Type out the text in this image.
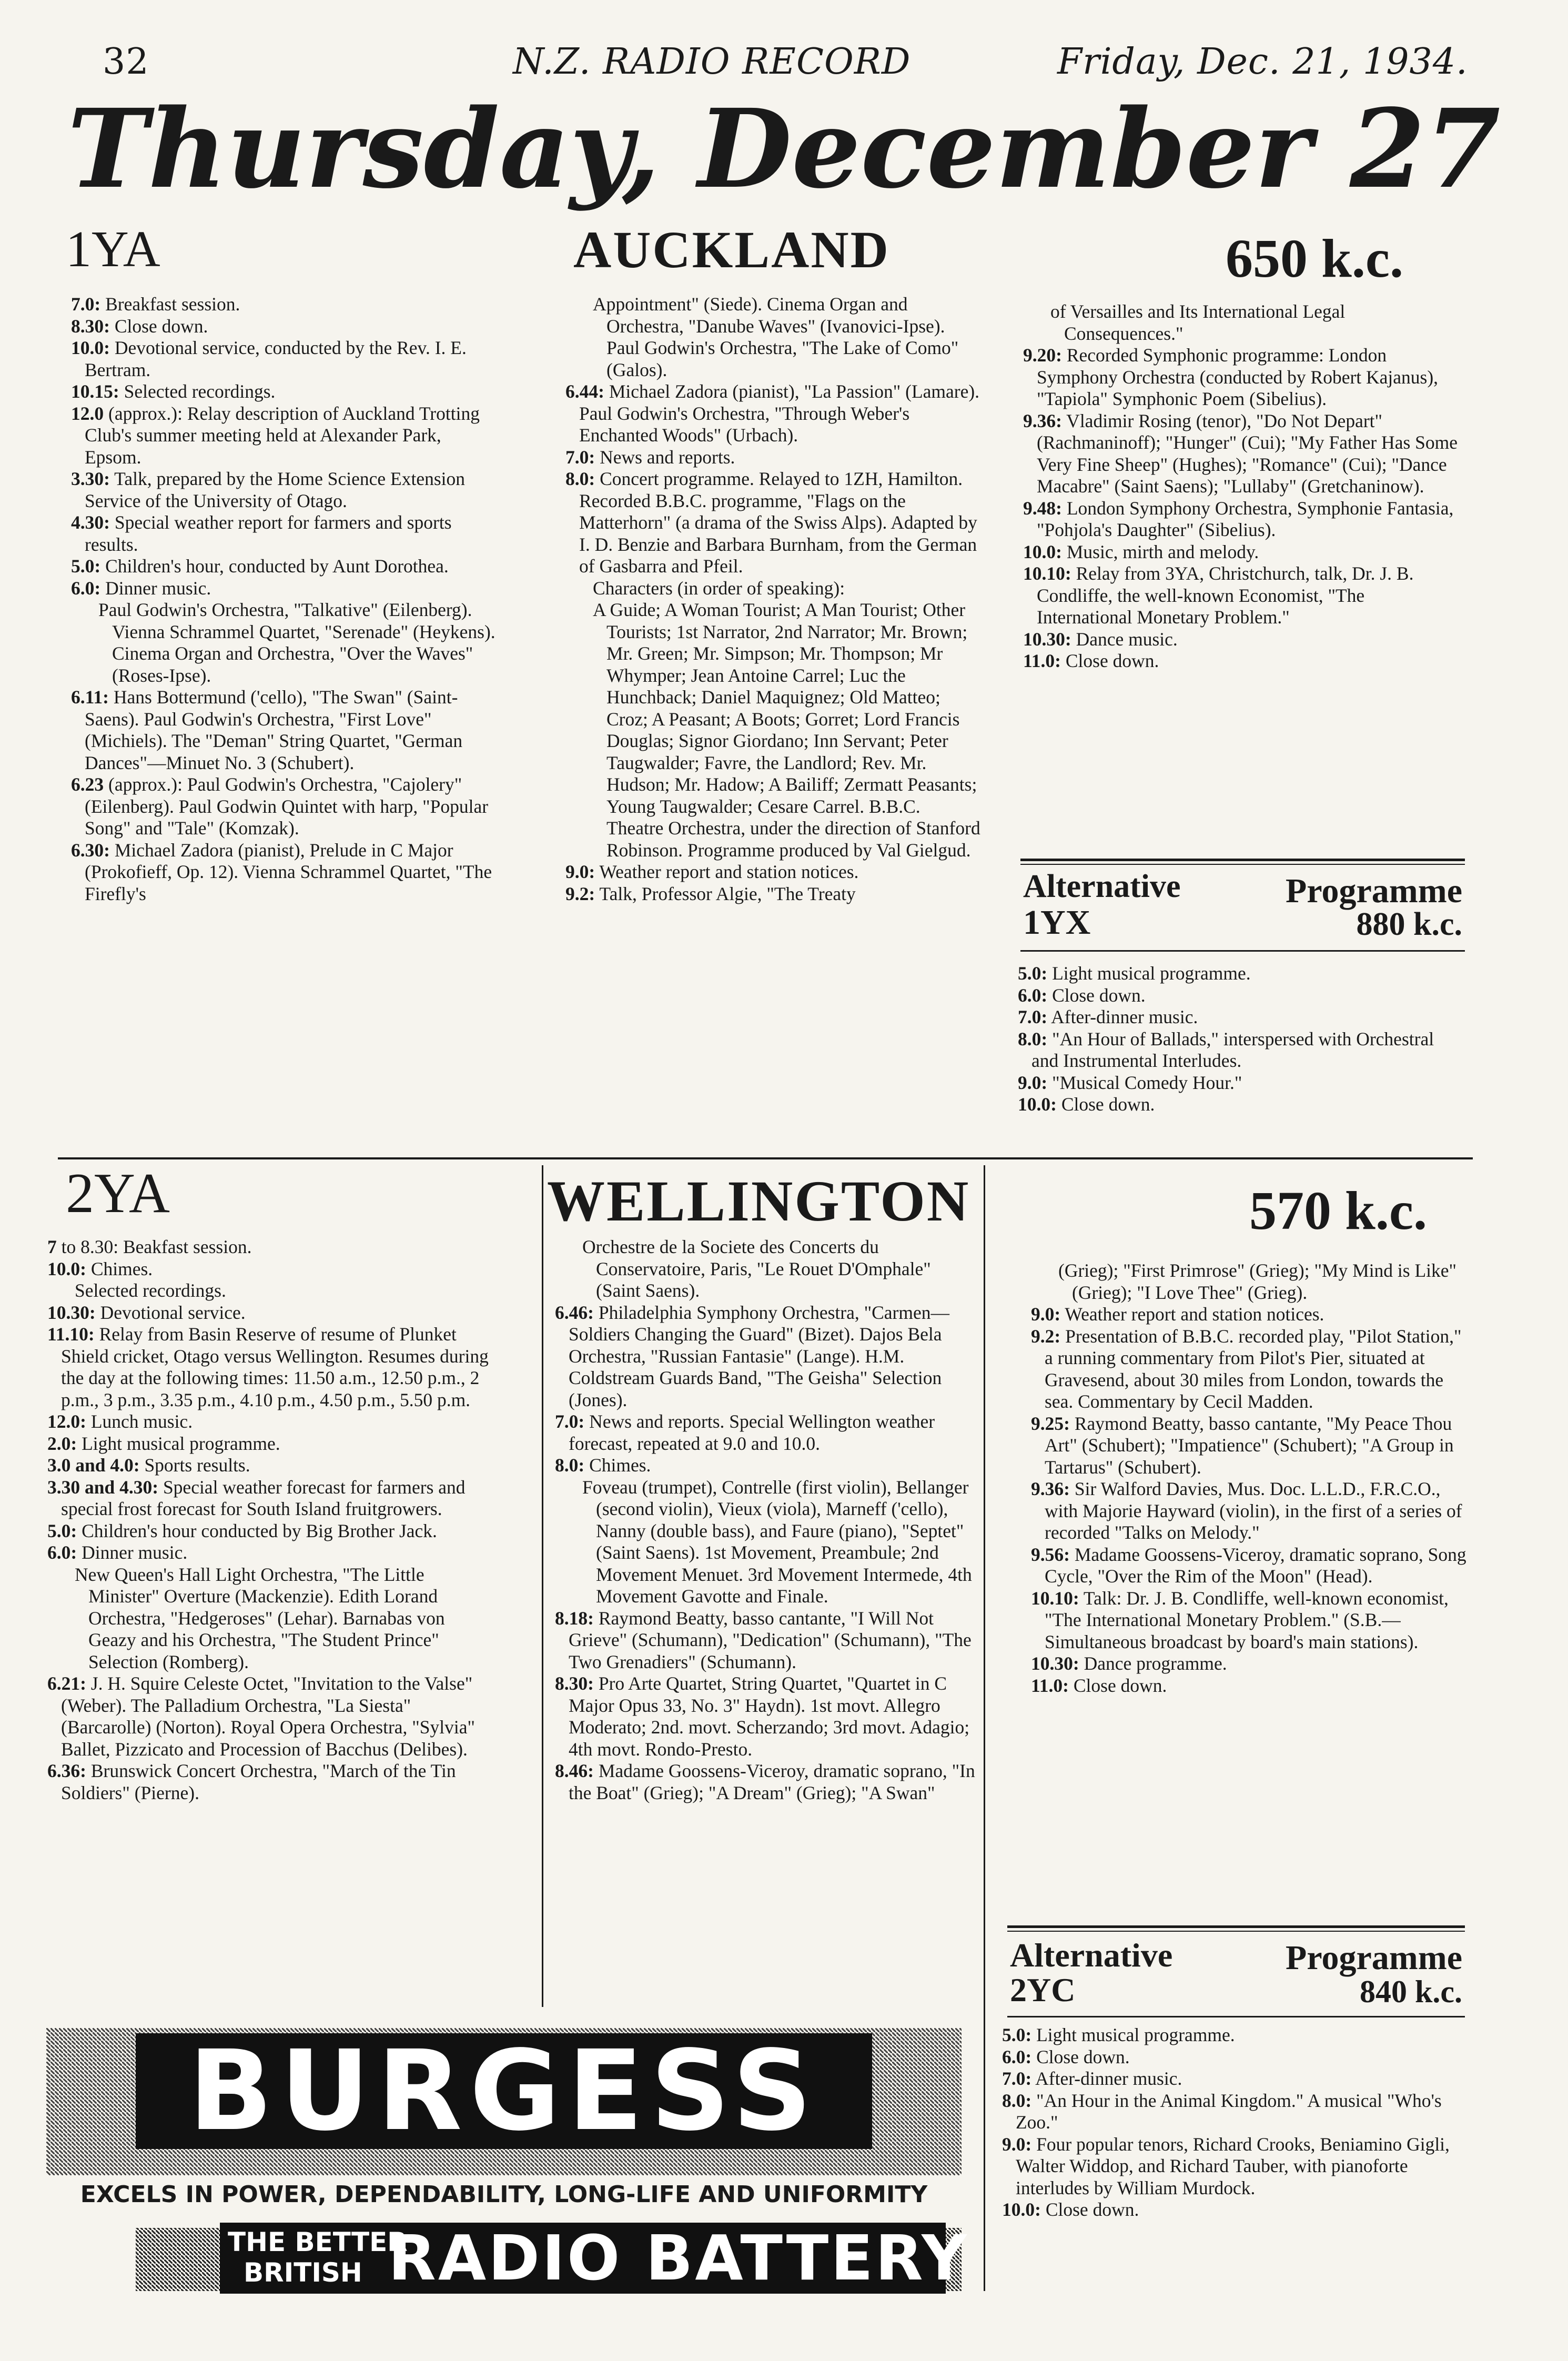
32	N.Z. RADIO RECORD	Friday, Dec. 21, 1934.
Thursday, December 27
1YA	AUCKLAND	650 k.c.

7.0: Breakfast session.

8.30: Close down.

10.0: Devotional service, conducted by the Rev. I. E. Bertram.

10.15: Selected recordings.

12.0 (approx.): Relay description of Auckland Trotting Club's summer meeting held at Alexander Park, Epsom.

3.30: Talk, prepared by the Home Science Extension Service of the University of Otago.

4.30: Special weather report for farmers and sports results.

5.0: Children's hour, conducted by Aunt Dorothea.

6.0: Dinner music.

Paul Godwin's Orchestra, "Talkative" (Eilenberg). Vienna Schrammel Quartet, "Serenade" (Heykens). Cinema Organ and Orchestra, "Over the Waves" (Roses-Ipse).

6.11: Hans Bottermund ('cello), "The Swan" (Saint-Saens). Paul Godwin's Orchestra, "First Love" (Michiels). The "Deman" String Quartet, "German Dances"—Minuet No. 3 (Schubert).

6.23 (approx.): Paul Godwin's Orchestra, "Cajolery" (Eilenberg). Paul Godwin Quintet with harp, "Popular Song" and "Tale" (Komzak).

6.30: Michael Zadora (pianist), Prelude in C Major (Prokofieff, Op. 12). Vienna Schrammel Quartet, "The Firefly's

Appointment" (Siede). Cinema Organ and Orchestra, "Danube Waves" (Ivanovici-Ipse). Paul Godwin's Orchestra, "The Lake of Como" (Galos).

6.44: Michael Zadora (pianist), "La Passion" (Lamare). Paul Godwin's Orchestra, "Through Weber's Enchanted Woods" (Urbach).

7.0: News and reports.

8.0: Concert programme. Relayed to 1ZH, Hamilton. Recorded B.B.C. programme, "Flags on the Matterhorn" (a drama of the Swiss Alps). Adapted by I. D. Benzie and Barbara Burnham, from the German of Gasbarra and Pfeil.

Characters (in order of speaking):

A Guide; A Woman Tourist; A Man Tourist; Other Tourists; 1st Narrator, 2nd Narrator; Mr. Brown; Mr. Green; Mr. Simpson; Mr. Thompson; Mr Whymper; Jean Antoine Carrel; Luc the Hunchback; Daniel Maquignez; Old Matteo; Croz; A Peasant; A Boots; Gorret; Lord Francis Douglas; Signor Giordano; Inn Servant; Peter Taugwalder; Favre, the Landlord; Rev. Mr. Hudson; Mr. Hadow; A Bailiff; Zermatt Peasants; Young Taugwalder; Cesare Carrel. B.B.C. Theatre Orchestra, under the direction of Stanford Robinson. Programme produced by Val Gielgud.

9.0: Weather report and station notices.

9.2: Talk, Professor Algie, "The Treaty

of Versailles and Its International Legal Consequences."

9.20: Recorded Symphonic programme: London Symphony Orchestra (conducted by Robert Kajanus), "Tapiola" Symphonic Poem (Sibelius).

9.36: Vladimir Rosing (tenor), "Do Not Depart" (Rachmaninoff); "Hunger" (Cui); "My Father Has Some Very Fine Sheep" (Hughes); "Romance" (Cui); "Dance Macabre" (Saint Saens); "Lullaby" (Gretchaninow).

9.48: London Symphony Orchestra, Symphonie Fantasia, "Pohjola's Daughter" (Sibelius).

10.0: Music, mirth and melody.

10.10: Relay from 3YA, Christchurch, talk, Dr. J. B. Condliffe, the well-known Economist, "The International Monetary Problem."

10.30: Dance music.

11.0: Close down.

Alternative	Programme
1YX	880 k.c.

5.0: Light musical programme.

6.0: Close down.

7.0: After-dinner music.

8.0: "An Hour of Ballads," interspersed with Orchestral and Instrumental Interludes.

9.0: "Musical Comedy Hour."

10.0: Close down.

2YA	WELLINGTON	570 k.c.

7 to 8.30: Beakfast session.

10.0: Chimes.

Selected recordings.

10.30: Devotional service.

11.10: Relay from Basin Reserve of resume of Plunket Shield cricket, Otago versus Wellington. Resumes during the day at the following times: 11.50 a.m., 12.50 p.m., 2 p.m., 3 p.m., 3.35 p.m., 4.10 p.m., 4.50 p.m., 5.50 p.m.

12.0: Lunch music.

2.0: Light musical programme.

3.0 and 4.0: Sports results.

3.30 and 4.30: Special weather forecast for farmers and special frost forecast for South Island fruitgrowers.

5.0: Children's hour conducted by Big Brother Jack.

6.0: Dinner music.

New Queen's Hall Light Orchestra, "The Little Minister" Overture (Mackenzie). Edith Lorand Orchestra, "Hedgeroses" (Lehar). Barnabas von Geazy and his Orchestra, "The Student Prince" Selection (Romberg).

6.21: J. H. Squire Celeste Octet, "Invitation to the Valse" (Weber). The Palladium Orchestra, "La Siesta" (Barcarolle) (Norton). Royal Opera Orchestra, "Sylvia" Ballet, Pizzicato and Procession of Bacchus (Delibes).

6.36: Brunswick Concert Orchestra, "March of the Tin Soldiers" (Pierne).

Orchestre de la Societe des Concerts du Conservatoire, Paris, "Le Rouet D'Omphale" (Saint Saens).

6.46: Philadelphia Symphony Orchestra, "Carmen—Soldiers Changing the Guard" (Bizet). Dajos Bela Orchestra, "Russian Fantasie" (Lange). H.M. Coldstream Guards Band, "The Geisha" Selection (Jones).

7.0: News and reports. Special Wellington weather forecast, repeated at 9.0 and 10.0.

8.0: Chimes.

Foveau (trumpet), Contrelle (first violin), Bellanger (second violin), Vieux (viola), Marneff ('cello), Nanny (double bass), and Faure (piano), "Septet" (Saint Saens). 1st Movement, Preambule; 2nd Movement Menuet. 3rd Movement Intermede, 4th Movement Gavotte and Finale.

8.18: Raymond Beatty, basso cantante, "I Will Not Grieve" (Schumann), "Dedication" (Schumann), "The Two Grenadiers" (Schumann).

8.30: Pro Arte Quartet, String Quartet, "Quartet in C Major Opus 33, No. 3" Haydn). 1st movt. Allegro Moderato; 2nd. movt. Scherzando; 3rd movt. Adagio; 4th movt. Rondo-Presto.

8.46: Madame Goossens-Viceroy, dramatic soprano, "In the Boat" (Grieg); "A Dream" (Grieg); "A Swan"

(Grieg); "First Primrose" (Grieg); "My Mind is Like" (Grieg); "I Love Thee" (Grieg).

9.0: Weather report and station notices.

9.2: Presentation of B.B.C. recorded play, "Pilot Station," a running commentary from Pilot's Pier, situated at Gravesend, about 30 miles from London, towards the sea. Commentary by Cecil Madden.

9.25: Raymond Beatty, basso cantante, "My Peace Thou Art" (Schubert); "Impatience" (Schubert); "A Group in Tartarus" (Schubert).

9.36: Sir Walford Davies, Mus. Doc. L.L.D., F.R.C.O., with Majorie Hayward (violin), in the first of a series of recorded "Talks on Melody."

9.56: Madame Goossens-Viceroy, dramatic soprano, Song Cycle, "Over the Rim of the Moon" (Head).

10.10: Talk: Dr. J. B. Condliffe, well-known economist, "The International Monetary Problem." (S.B.—Simultaneous broadcast by board's main stations).

10.30: Dance programme.

11.0: Close down.

Alternative	Programme
2YC	840 k.c.

5.0: Light musical programme.

6.0: Close down.

7.0: After-dinner music.

8.0: "An Hour in the Animal Kingdom." A musical "Who's Zoo."

9.0: Four popular tenors, Richard Crooks, Beniamino Gigli, Walter Widdop, and Richard Tauber, with pianoforte interludes by William Murdock.

10.0: Close down.

BURGESS
EXCELS IN POWER, DEPENDABILITY, LONG-LIFE AND UNIFORMITY
THE BETTER
BRITISH RADIO BATTERY
